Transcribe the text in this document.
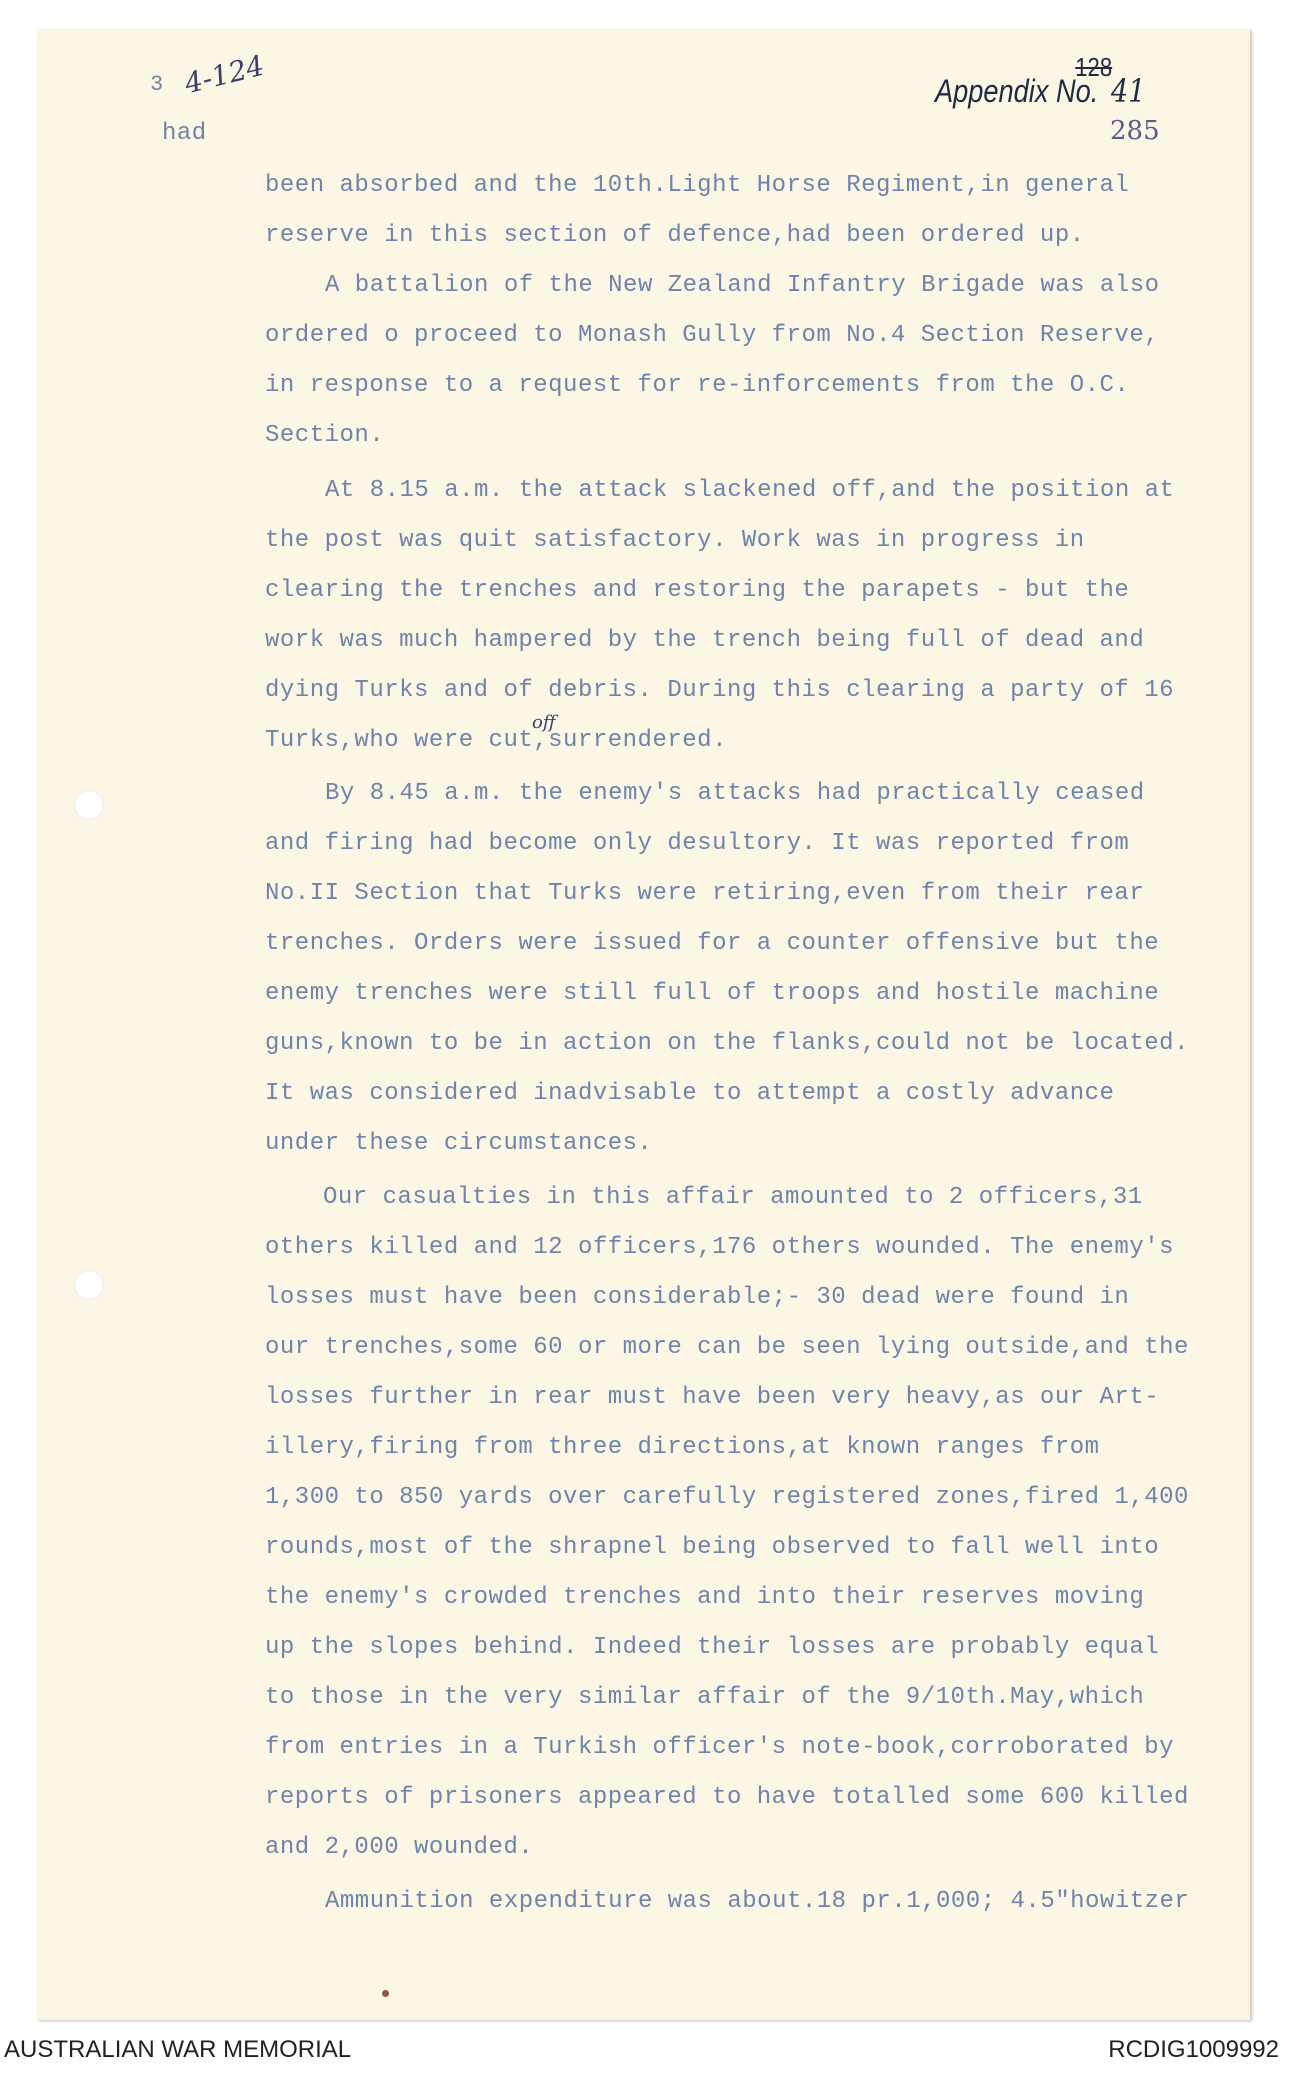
3 4-124
had
Appendix No.
128
41
285
been absorbed and the 10th.Light Horse Regiment,in general
reserve in this section of defence,had been ordered up.
A battalion of the New Zealand Infantry Brigade was also
ordered o proceed to Monash Gully from No.4 Section Reserve,
in response to a request for re-inforcements from the O.C.
Section.
At 8.15 a.m. the attack slackened off,and the position at
the post was quit satisfactory. Work was in progress in
clearing the trenches and restoring the parapets - but the
work was much hampered by the trench being full of dead and
dying Turks and of debris. During this clearing a party of 16
Turks,who were cut,surrendered.
off
By 8.45 a.m. the enemy's attacks had practically ceased
and firing had become only desultory. It was reported from
No.II Section that Turks were retiring,even from their rear
trenches. Orders were issued for a counter offensive but the
enemy trenches were still full of troops and hostile machine
guns,known to be in action on the flanks,could not be located.
It was considered inadvisable to attempt a costly advance
under these circumstances.
Our casualties in this affair amounted to 2 officers,31
others killed and 12 officers,176 others wounded. The enemy's
losses must have been considerable;- 30 dead were found in
our trenches,some 60 or more can be seen lying outside,and the
losses further in rear must have been very heavy,as our Art-
illery,firing from three directions,at known ranges from
1,300 to 850 yards over carefully registered zones,fired 1,400
rounds,most of the shrapnel being observed to fall well into
the enemy's crowded trenches and into their reserves moving
up the slopes behind. Indeed their losses are probably equal
to those in the very similar affair of the 9/10th.May,which
from entries in a Turkish officer's note-book,corroborated by
reports of prisoners appeared to have totalled some 600 killed
and 2,000 wounded.
Ammunition expenditure was about.18 pr.1,000; 4.5"howitzer
AUSTRALIAN WAR MEMORIAL	RCDIG1009992
